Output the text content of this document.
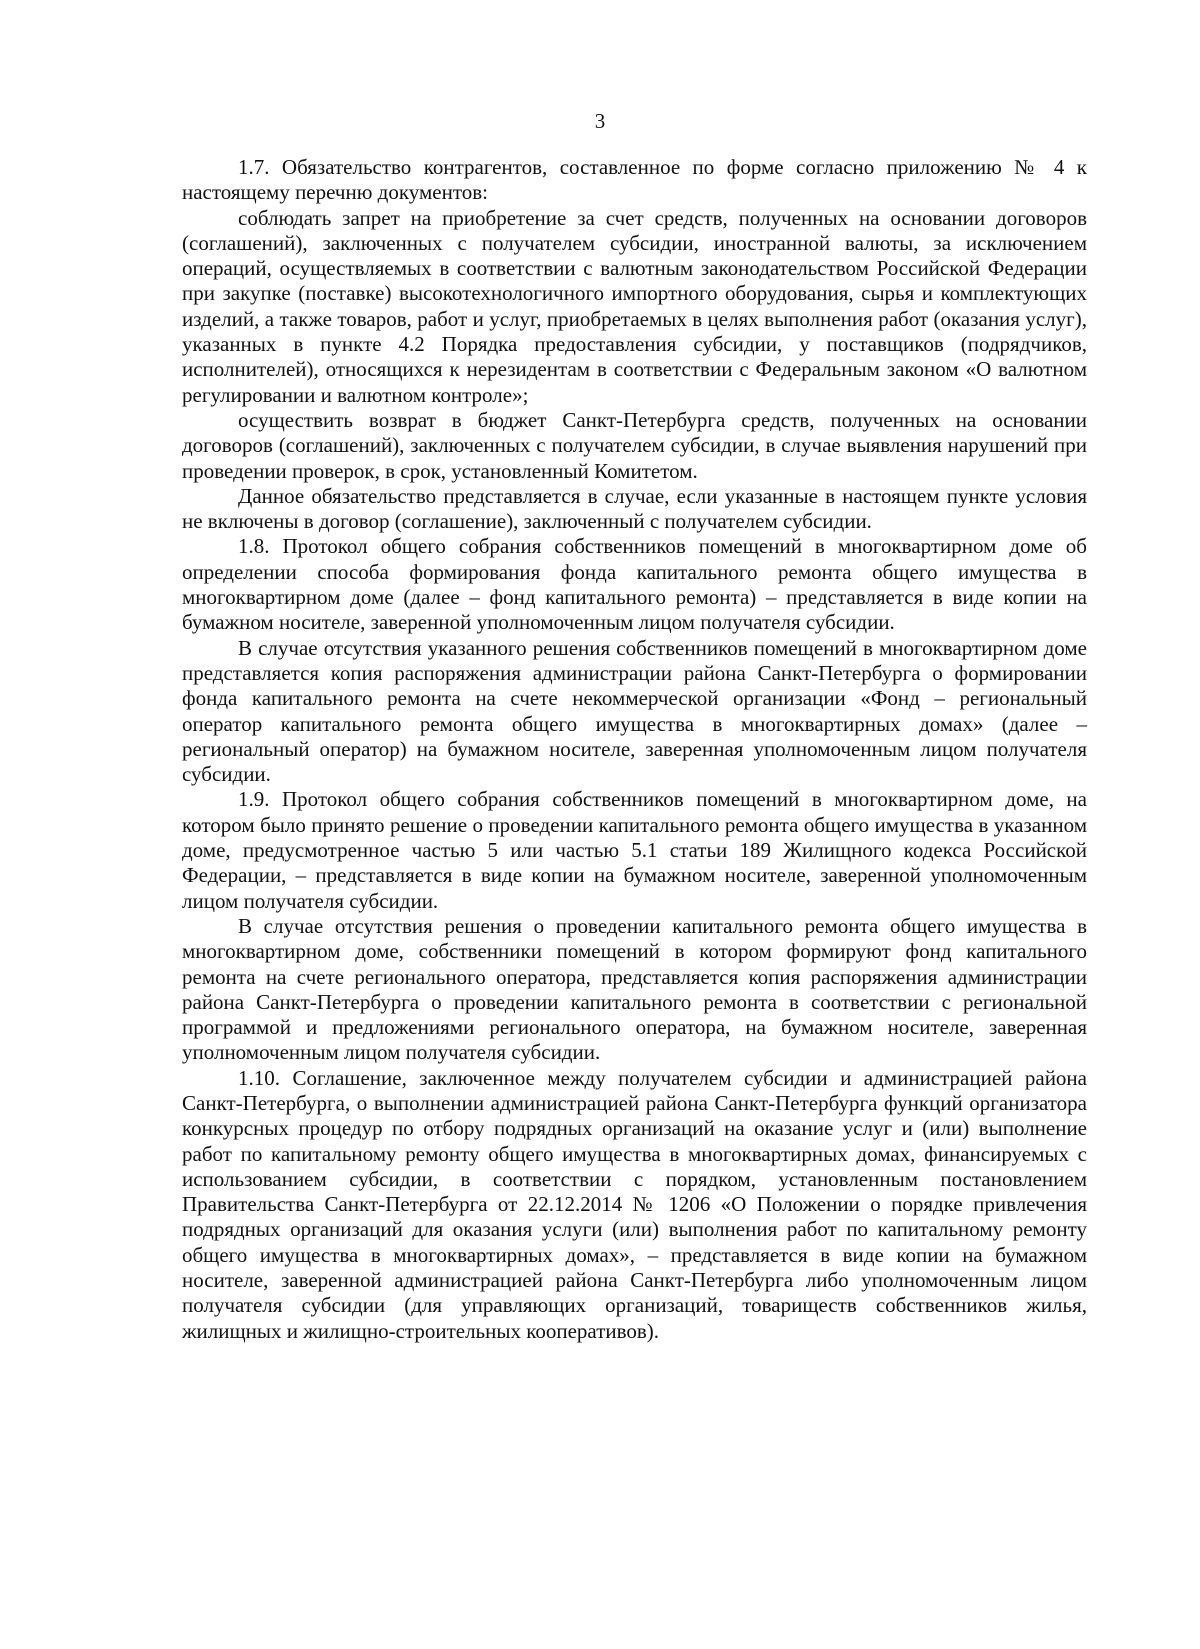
3

1.7. Обязательство контрагентов, составленное по форме согласно приложению № 4 к настоящему перечню документов:

соблюдать запрет на приобретение за счет средств, полученных на основании договоров (соглашений), заключенных с получателем субсидии, иностранной валюты, за исключением операций, осуществляемых в соответствии с валютным законодательством Российской Федерации при закупке (поставке) высокотехнологичного импортного оборудования, сырья и комплектующих изделий, а также товаров, работ и услуг, приобретаемых в целях выполнения работ (оказания услуг), указанных в пункте 4.2 Порядка предоставления субсидии, у поставщиков (подрядчиков, исполнителей), относящихся к нерезидентам в соответствии с Федеральным законом «О валютном регулировании и валютном контроле»;

осуществить возврат в бюджет Санкт-Петербурга средств, полученных на основании договоров (соглашений), заключенных с получателем субсидии, в случае выявления нарушений при проведении проверок, в срок, установленный Комитетом.

Данное обязательство представляется в случае, если указанные в настоящем пункте условия не включены в договор (соглашение), заключенный с получателем субсидии.

1.8. Протокол общего собрания собственников помещений в многоквартирном доме об определении способа формирования фонда капитального ремонта общего имущества в многоквартирном доме (далее – фонд капитального ремонта) – представляется в виде копии на бумажном носителе, заверенной уполномоченным лицом получателя субсидии.

В случае отсутствия указанного решения собственников помещений в многоквартирном доме представляется копия распоряжения администрации района Санкт-Петербурга о формировании фонда капитального ремонта на счете некоммерческой организации «Фонд – региональный оператор капитального ремонта общего имущества в многоквартирных домах» (далее – региональный оператор) на бумажном носителе, заверенная уполномоченным лицом получателя субсидии.

1.9. Протокол общего собрания собственников помещений в многоквартирном доме, на котором было принято решение о проведении капитального ремонта общего имущества в указанном доме, предусмотренное частью 5 или частью 5.1 статьи 189 Жилищного кодекса Российской Федерации, – представляется в виде копии на бумажном носителе, заверенной уполномоченным лицом получателя субсидии.

В случае отсутствия решения о проведении капитального ремонта общего имущества в многоквартирном доме, собственники помещений в котором формируют фонд капитального ремонта на счете регионального оператора, представляется копия распоряжения администрации района Санкт-Петербурга о проведении капитального ремонта в соответствии с региональной программой и предложениями регионального оператора, на бумажном носителе, заверенная уполномоченным лицом получателя субсидии.

1.10. Соглашение, заключенное между получателем субсидии и администрацией района Санкт-Петербурга, о выполнении администрацией района Санкт-Петербурга функций организатора конкурсных процедур по отбору подрядных организаций на оказание услуг и (или) выполнение работ по капитальному ремонту общего имущества в многоквартирных домах, финансируемых с использованием субсидии, в соответствии с порядком, установленным постановлением Правительства Санкт-Петербурга от 22.12.2014 № 1206 «О Положении о порядке привлечения подрядных организаций для оказания услуги (или) выполнения работ по капитальному ремонту общего имущества в многоквартирных домах», – представляется в виде копии на бумажном носителе, заверенной администрацией района Санкт-Петербурга либо уполномоченным лицом получателя субсидии (для управляющих организаций, товариществ собственников жилья, жилищных и жилищно-строительных кооперативов).
